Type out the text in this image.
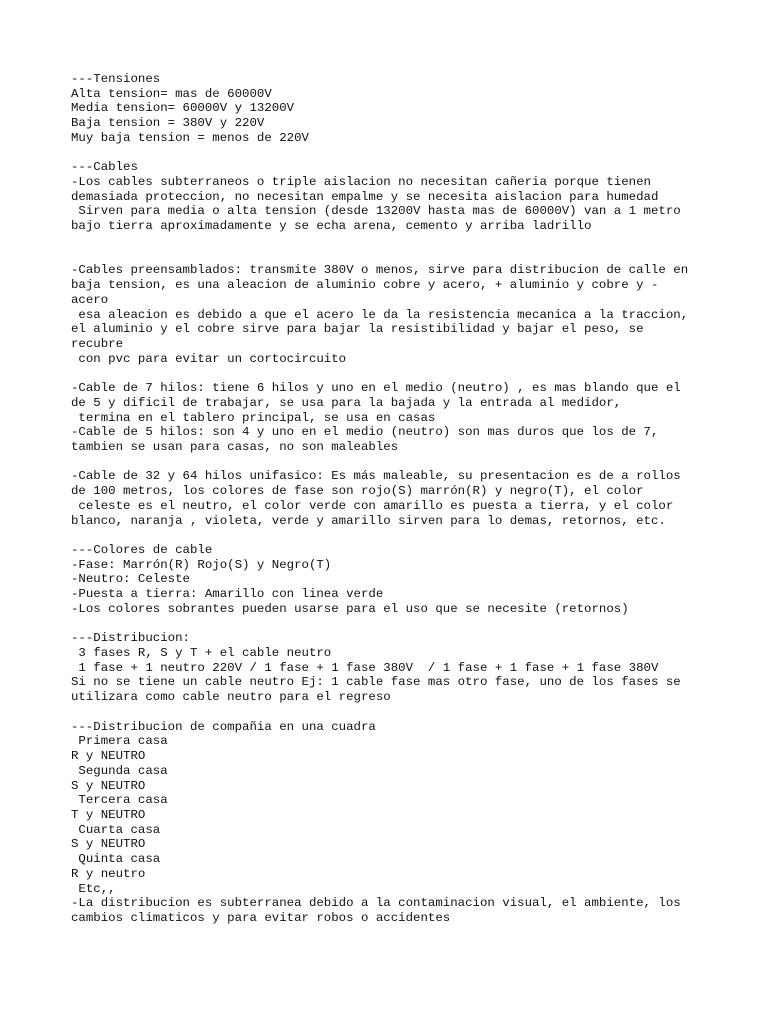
---Tensiones
Alta tension= mas de 60000V
Media tension= 60000V y 13200V
Baja tension = 380V y 220V
Muy baja tension = menos de 220V
---Cables
-Los cables subterraneos o triple aislacion no necesitan cañeria porque tienen
demasiada proteccion, no necesitan empalme y se necesita aislacion para humedad
Sirven para media o alta tension (desde 13200V hasta mas de 60000V) van a 1 metro
bajo tierra aproximadamente y se echa arena, cemento y arriba ladrillo
-Cables preensamblados: transmite 380V o menos, sirve para distribucion de calle en
baja tension, es una aleacion de aluminio cobre y acero, + aluminio y cobre y -
acero
esa aleacion es debido a que el acero le da la resistencia mecanica a la traccion,
el aluminio y el cobre sirve para bajar la resistibilidad y bajar el peso, se
recubre
con pvc para evitar un cortocircuito
-Cable de 7 hilos: tiene 6 hilos y uno en el medio (neutro) , es mas blando que el
de 5 y dificil de trabajar, se usa para la bajada y la entrada al medidor,
termina en el tablero principal, se usa en casas
-Cable de 5 hilos: son 4 y uno en el medio (neutro) son mas duros que los de 7,
tambien se usan para casas, no son maleables
-Cable de 32 y 64 hilos unifasico: Es más maleable, su presentacion es de a rollos
de 100 metros, los colores de fase son rojo(S) marrón(R) y negro(T), el color
celeste es el neutro, el color verde con amarillo es puesta a tierra, y el color
blanco, naranja , violeta, verde y amarillo sirven para lo demas, retornos, etc.
---Colores de cable
-Fase: Marrón(R) Rojo(S) y Negro(T)
-Neutro: Celeste
-Puesta a tierra: Amarillo con linea verde
-Los colores sobrantes pueden usarse para el uso que se necesite (retornos)
---Distribucion:
3 fases R, S y T + el cable neutro
1 fase + 1 neutro 220V / 1 fase + 1 fase 380V  / 1 fase + 1 fase + 1 fase 380V
Si no se tiene un cable neutro Ej: 1 cable fase mas otro fase, uno de los fases se
utilizara como cable neutro para el regreso
---Distribucion de compañia en una cuadra
Primera casa
R y NEUTRO
Segunda casa
S y NEUTRO
Tercera casa
T y NEUTRO
Cuarta casa
S y NEUTRO
Quinta casa
R y neutro
Etc,,
-La distribucion es subterranea debido a la contaminacion visual, el ambiente, los
cambios climaticos y para evitar robos o accidentes
